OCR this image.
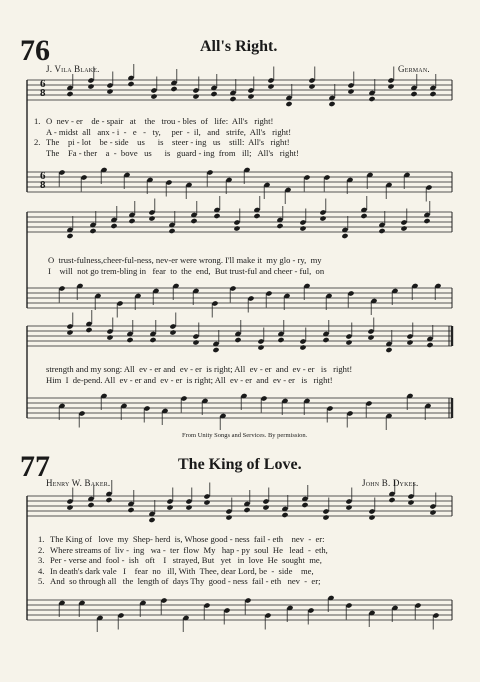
76	All's Right.
J. Vila Blake.	German.
1. O  nev - er    de - spair   at    the   trou - bles  of   life:  All's   right!
A - midst  all   anx - i  -   e   -   ty,     per  -  il,   and   strife,  All's   right!
2. The    pi - lot    be - side    us      is    steer - ing   us    still:  All's   right!
The    Fa - ther    a  -  bove   us      is   guard - ing  from   ill;   All's   right!
O  trust-fulness,cheer-ful-ness, nev-er were wrong. I'll make it  my glo - ry,  my
I    will  not go trem-bling in   fear  to  the  end,  But trust-ful and cheer - ful,  on
strength and my song: All  ev - er and  ev - er  is right; All  ev - er  and  ev - er   is   right!
Him  I  de-pend. All  ev - er and  ev - er  is right; All  ev - er  and  ev - er   is   right!
From Unity Songs and Services. By permission.
77	The King of Love.
Henry W. Baker.	John B. Dykes.
1. The King of   love  my  Shep- herd  is, Whose good - ness  fail - eth    nev  -  er:
2. Where streams of  liv -  ing   wa -  ter  flow  My   hap - py  soul  He   lead  -  eth,
3. Per - verse and  fool -  ish   oft    I   strayed, But   yet   in  love  He  sought  me,
4. In death's dark vale   I    fear  no   ill, With  Thee, dear Lord, be  -  side    me,
5. And  so through all   the  length of  days Thy  good - ness  fail - eth   nev  -  er;
6
8
6
8
